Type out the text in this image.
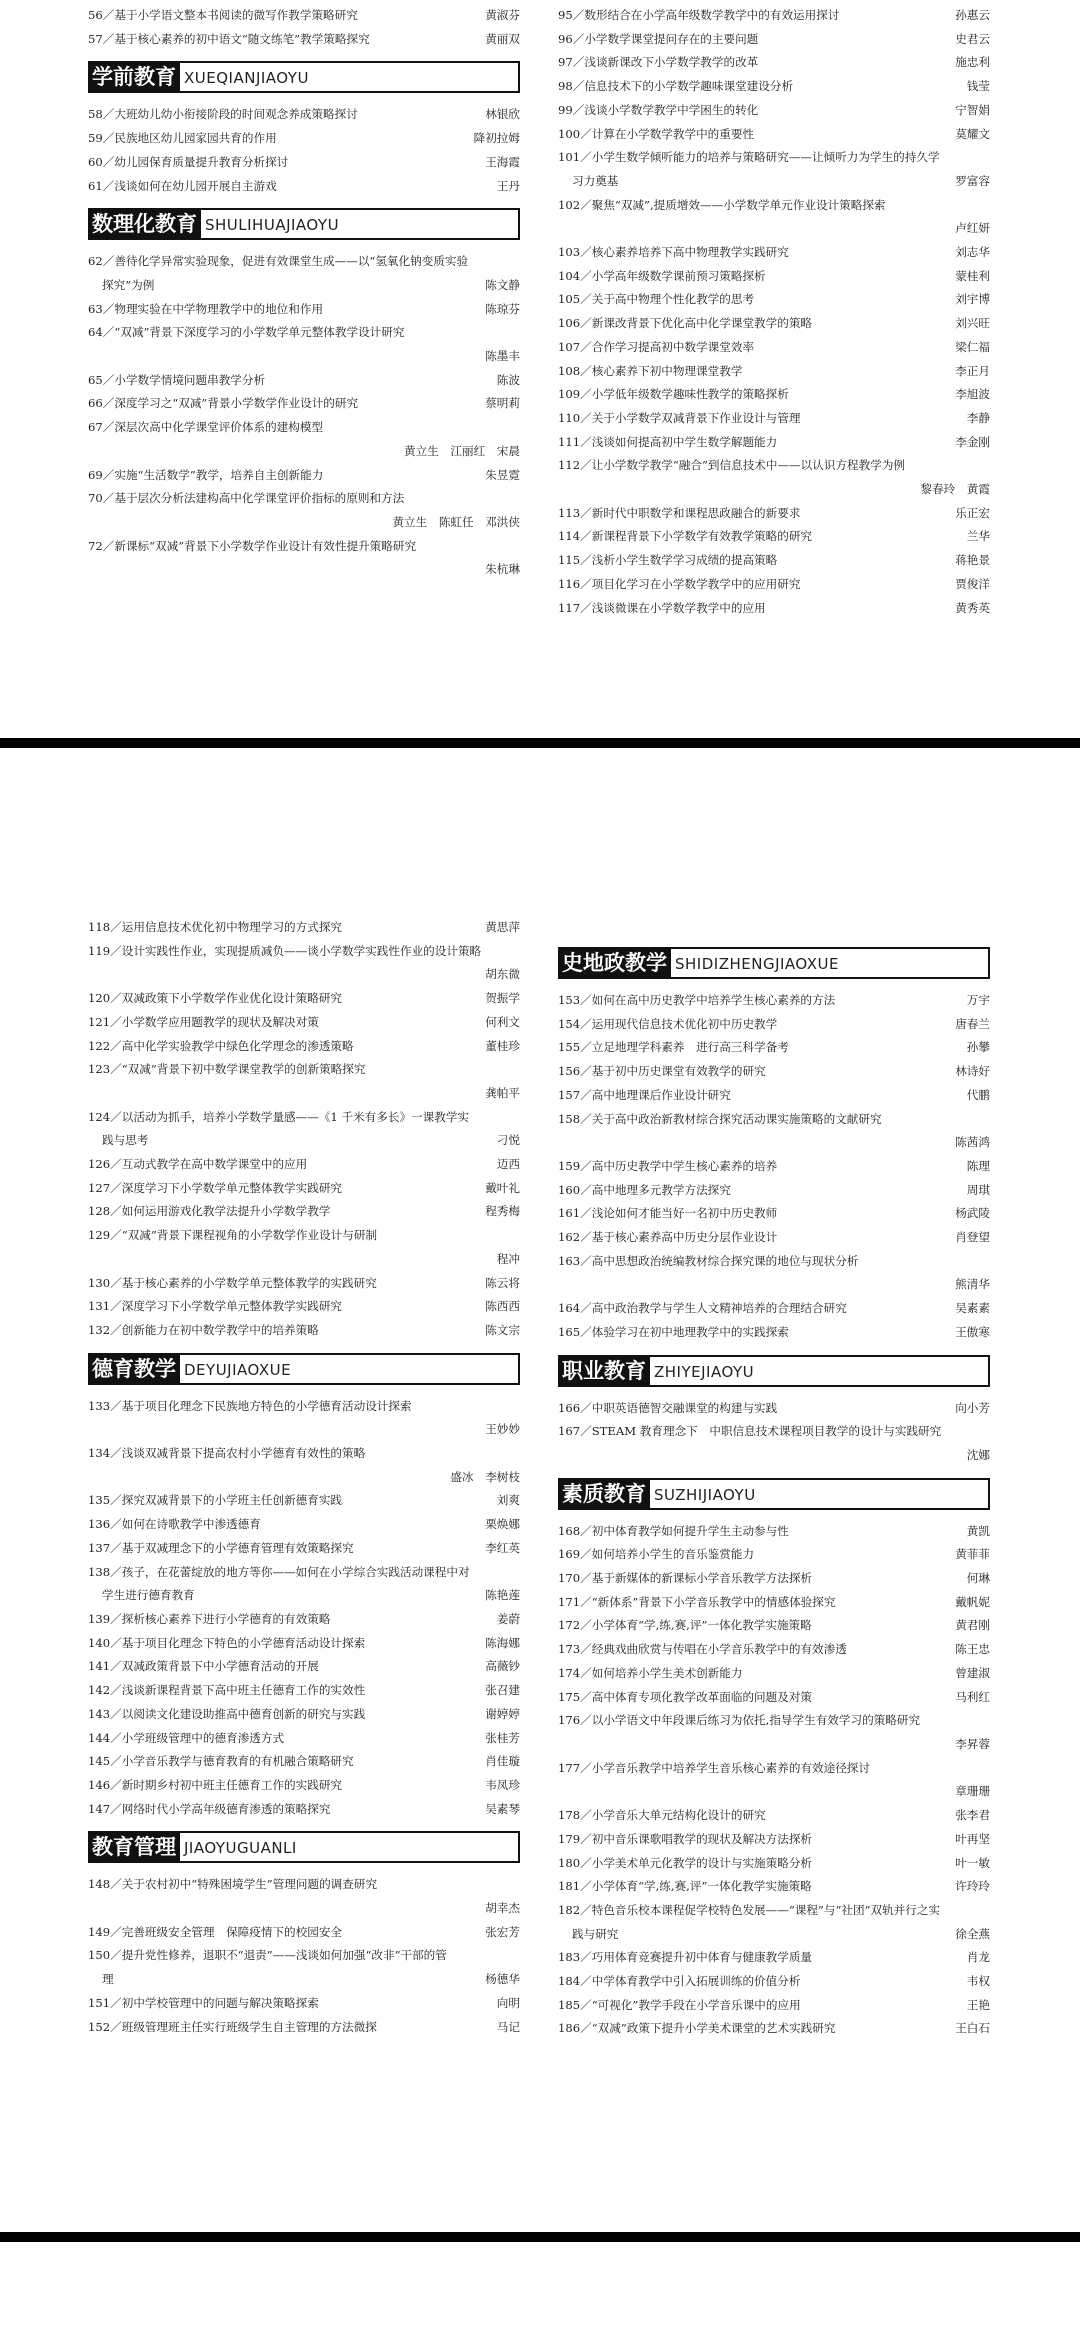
56／基于小学语文整本书阅读的微写作教学策略研究	黄淑芬
57／基于核心素养的初中语文“随文练笔”教学策略探究	黄丽双
学前教育 XUEQIANJIAOYU
58／大班幼儿幼小衔接阶段的时间观念养成策略探讨	林银欣
59／民族地区幼儿园家园共育的作用	降初拉姆
60／幼儿园保育质量提升教育分析探讨	王海霞
61／浅谈如何在幼儿园开展自主游戏	王丹
数理化教育 SHULIHUAJIAOYU
62／善待化学异常实验现象，促进有效课堂生成——以“氢氧化钠变质实验
探究”为例	陈文静
63／物理实验在中学物理教学中的地位和作用	陈琼芬
64／“双减”背景下深度学习的小学数学单元整体教学设计研究
陈墨丰
65／小学数学情境问题串教学分析	陈波
66／深度学习之“双减”背景小学数学作业设计的研究	蔡明莉
67／深层次高中化学课堂评价体系的建构模型
黄立生　江丽红　宋晨
69／实施“生活数学”教学，培养自主创新能力	朱昱霓
70／基于层次分析法建构高中化学课堂评价指标的原则和方法
黄立生　陈虹任　邓洪侠
72／新课标“双减”背景下小学数学作业设计有效性提升策略研究
朱杭琳
95／数形结合在小学高年级数学教学中的有效运用探讨	孙惠云
96／小学数学课堂提问存在的主要问题	史君云
97／浅谈新课改下小学数学教学的改革	施忠利
98／信息技术下的小学数学趣味课堂建设分析	钱莹
99／浅谈小学数学教学中学困生的转化	宁智娟
100／计算在小学数学教学中的重要性	莫耀文
101／小学生数学倾听能力的培养与策略研究——让倾听力为学生的持久学
习力奠基	罗富容
102／聚焦“双减”,提质增效——小学数学单元作业设计策略探索
卢红妍
103／核心素养培养下高中物理教学实践研究	刘志华
104／小学高年级数学课前预习策略探析	蒙桂利
105／关于高中物理个性化教学的思考	刘宇博
106／新课改背景下优化高中化学课堂教学的策略	刘兴旺
107／合作学习提高初中数学课堂效率	梁仁福
108／核心素养下初中物理课堂教学	李正月
109／小学低年级数学趣味性教学的策略探析	李旭波
110／关于小学数学双减背景下作业设计与管理	李静
111／浅谈如何提高初中学生数学解题能力	李金刚
112／让小学数学教学“融合”到信息技术中——以认识方程教学为例
黎春玲　黄霞
113／新时代中职数学和课程思政融合的新要求	乐正宏
114／新课程背景下小学数学有效教学策略的研究	兰华
115／浅析小学生数学学习成绩的提高策略	蒋艳景
116／项目化学习在小学数学教学中的应用研究	贾俊洋
117／浅谈微课在小学数学教学中的应用	黄秀英
118／运用信息技术优化初中物理学习的方式探究	黄思萍
119／设计实践性作业，实现提质减负——谈小学数学实践性作业的设计策略
胡东微
120／双减政策下小学数学作业优化设计策略研究	贺振学
121／小学数学应用题教学的现状及解决对策	何利文
122／高中化学实验教学中绿色化学理念的渗透策略	董桂珍
123／“双减”背景下初中数学课堂教学的创新策略探究
龚帕平
124／以活动为抓手，培养小学数学量感——《1 千米有多长》一课教学实
践与思考	刁悦
126／互动式教学在高中数学课堂中的应用	迈西
127／深度学习下小学数学单元整体教学实践研究	戴叶礼
128／如何运用游戏化教学法提升小学数学教学	程秀梅
129／“双减”背景下课程视角的小学数学作业设计与研制
程冲
130／基于核心素养的小学数学单元整体教学的实践研究	陈云将
131／深度学习下小学数学单元整体教学实践研究	陈西西
132／创新能力在初中数学教学中的培养策略	陈文宗
德育教学 DEYUJIAOXUE
133／基于项目化理念下民族地方特色的小学德育活动设计探索
王妙妙
134／浅谈双减背景下提高农村小学德育有效性的策略
盛冰　李树枝
135／探究双减背景下的小学班主任创新德育实践	刘爽
136／如何在诗歌教学中渗透德育	栗焕娜
137／基于双减理念下的小学德育管理有效策略探究	李红英
138／孩子，在花蕾绽放的地方等你——如何在小学综合实践活动课程中对
学生进行德育教育	陈艳莲
139／探析核心素养下进行小学德育的有效策略	姜蔚
140／基于项目化理念下特色的小学德育活动设计探索	陈海娜
141／双减政策背景下中小学德育活动的开展	高薇钞
142／浅谈新课程背景下高中班主任德育工作的实效性	张召建
143／以阅读文化建设助推高中德育创新的研究与实践	谢婷婷
144／小学班级管理中的德育渗透方式	张桂芳
145／小学音乐教学与德育教育的有机融合策略研究	肖佳璇
146／新时期乡村初中班主任德育工作的实践研究	韦凤珍
147／网络时代小学高年级德育渗透的策略探究	吴素琴
教育管理 JIAOYUGUANLI
148／关于农村初中“特殊困境学生”管理问题的调查研究
胡幸杰
149／完善班级安全管理　保障疫情下的校园安全	张宏芳
150／提升党性修养，退职不“退责”——浅谈如何加强“改非”干部的管
理	杨德华
151／初中学校管理中的问题与解决策略探索	向明
152／班级管理班主任实行班级学生自主管理的方法微探	马记
史地政教学 SHIDIZHENGJIAOXUE
153／如何在高中历史教学中培养学生核心素养的方法	万宇
154／运用现代信息技术优化初中历史教学	唐春兰
155／立足地理学科素养　进行高三科学备考	孙攀
156／基于初中历史课堂有效教学的研究	林诗好
157／高中地理课后作业设计研究	代鹏
158／关于高中政治新教材综合探究活动课实施策略的文献研究
陈茜鸿
159／高中历史教学中学生核心素养的培养	陈理
160／高中地理多元教学方法探究	周琪
161／浅论如何才能当好一名初中历史教师	杨武陵
162／基于核心素养高中历史分层作业设计	肖登望
163／高中思想政治统编教材综合探究课的地位与现状分析
熊清华
164／高中政治教学与学生人文精神培养的合理结合研究	吴素素
165／体验学习在初中地理教学中的实践探索	王傲寒
职业教育 ZHIYEJIAOYU
166／中职英语德智交融课堂的构建与实践	向小芳
167／STEAM 教育理念下　中职信息技术课程项目教学的设计与实践研究
沈娜
素质教育 SUZHIJIAOYU
168／初中体育教学如何提升学生主动参与性	黄凯
169／如何培养小学生的音乐鉴赏能力	黄菲菲
170／基于新媒体的新课标小学音乐教学方法探析	何琳
171／“新体系”背景下小学音乐教学中的情感体验探究	戴帆妮
172／小学体育“学,练,赛,评”一体化教学实施策略	黄君刚
173／经典戏曲欣赏与传唱在小学音乐教学中的有效渗透	陈王忠
174／如何培养小学生美术创新能力	曾建淑
175／高中体育专项化教学改革面临的问题及对策	马利红
176／以小学语文中年段课后练习为依托,指导学生有效学习的策略研究
李昇蓉
177／小学音乐教学中培养学生音乐核心素养的有效途径探讨
章珊珊
178／小学音乐大单元结构化设计的研究	张李君
179／初中音乐课歌唱教学的现状及解决方法探析	叶再坚
180／小学美术单元化教学的设计与实施策略分析	叶一敏
181／小学体育“学,练,赛,评”一体化教学实施策略	许玲玲
182／特色音乐校本课程促学校特色发展——“课程”与“社团”双轨并行之实
践与研究	徐全燕
183／巧用体育竞赛提升初中体育与健康教学质量	肖龙
184／中学体育教学中引入拓展训练的价值分析	韦权
185／“可视化”教学手段在小学音乐课中的应用	王艳
186／“双减”政策下提升小学美术课堂的艺术实践研究	王白石
